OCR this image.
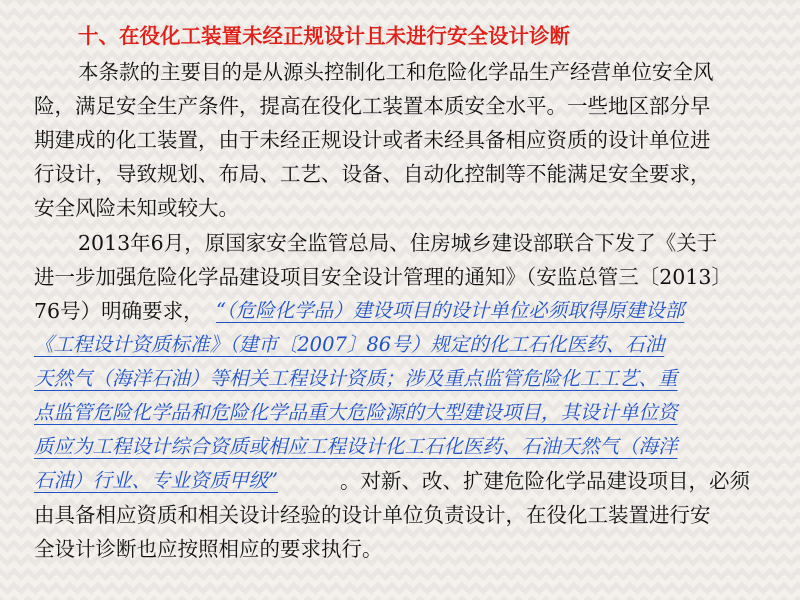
十、在役化工装置未经正规设计且未进行安全设计诊断
本条款的主要目的是从源头控制化工和危险化学品生产经营单位安全风
险，满足安全生产条件，提高在役化工装置本质安全水平。一些地区部分早
期建成的化工装置，由于未经正规设计或者未经具备相应资质的设计单位进
行设计，导致规划、布局、工艺、设备、自动化控制等不能满足安全要求，
安全风险未知或较大。
2013年6月，原国家安全监管总局、住房城乡建设部联合下发了《关于
进一步加强危险化学品建设项目安全设计管理的通知》（安监总管三〔2013〕
76号）明确要求， “（危险化学品）建设项目的设计单位必须取得原建设部
《工程设计资质标准》（建市〔2007〕86号）规定的化工石化医药、石油
天然气（海洋石油）等相关工程设计资质；涉及重点监管危险化工工艺、重
点监管危险化学品和危险化学品重大危险源的大型建设项目，其设计单位资
质应为工程设计综合资质或相应工程设计化工石化医药、石油天然气（海洋
石油）行业、专业资质甲级”	。对新、改、扩建危险化学品建设项目，必须
由具备相应资质和相关设计经验的设计单位负责设计，在役化工装置进行安
全设计诊断也应按照相应的要求执行。
